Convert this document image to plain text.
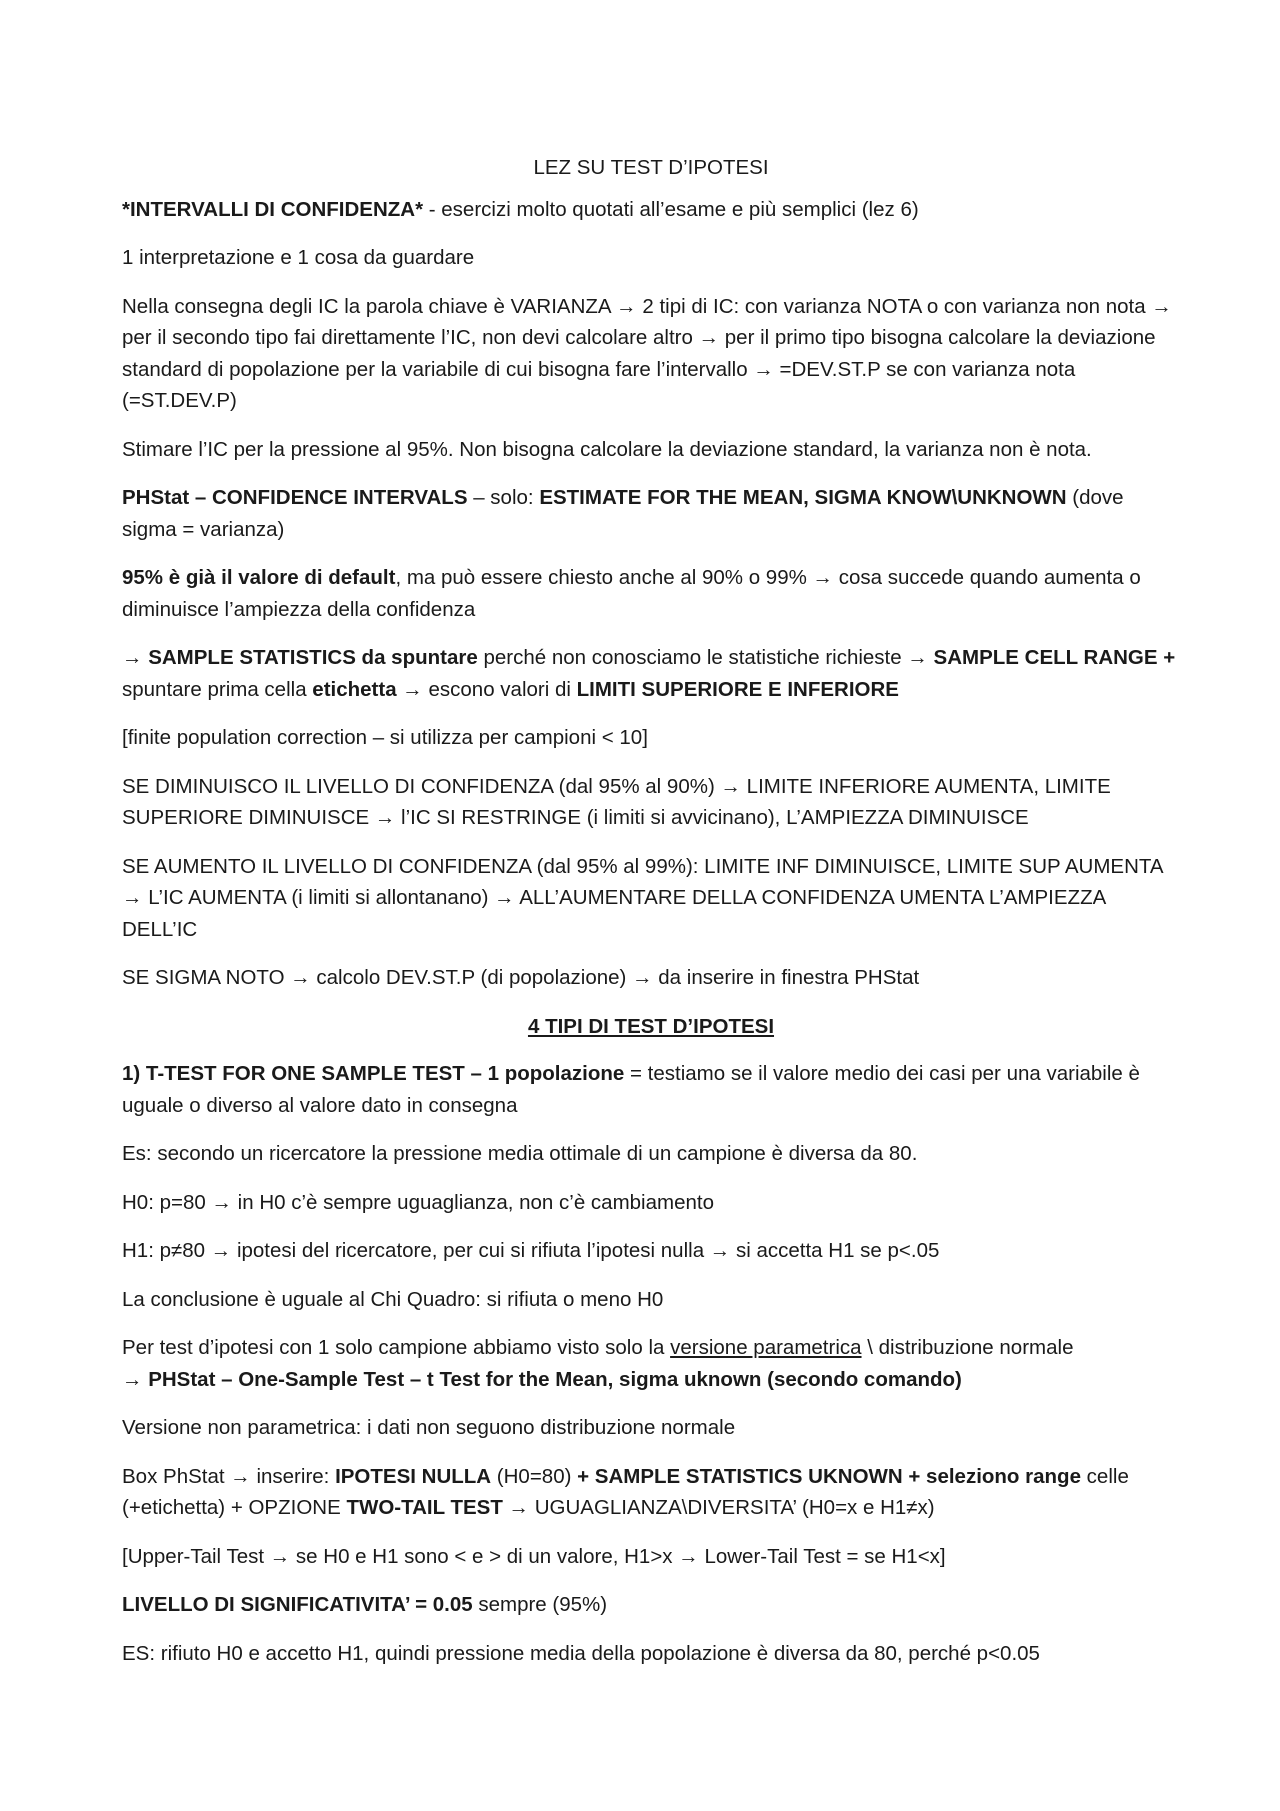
LEZ SU TEST D’IPOTESI

*INTERVALLI DI CONFIDENZA* - esercizi molto quotati all’esame e più semplici (lez 6)

1 interpretazione e 1 cosa da guardare

Nella consegna degli IC la parola chiave è VARIANZA → 2 tipi di IC: con varianza NOTA o con varianza non nota → per il secondo tipo fai direttamente l’IC, non devi calcolare altro → per il primo tipo bisogna calcolare la deviazione standard di popolazione per la variabile di cui bisogna fare l’intervallo → =DEV.ST.P se con varianza nota (=ST.DEV.P)

Stimare l’IC per la pressione al 95%. Non bisogna calcolare la deviazione standard, la varianza non è nota.

PHStat – CONFIDENCE INTERVALS – solo: ESTIMATE FOR THE MEAN, SIGMA KNOW\UNKNOWN (dove sigma = varianza)

95% è già il valore di default, ma può essere chiesto anche al 90% o 99% → cosa succede quando aumenta o diminuisce l’ampiezza della confidenza

→ SAMPLE STATISTICS da spuntare perché non conosciamo le statistiche richieste → SAMPLE CELL RANGE + spuntare prima cella etichetta → escono valori di LIMITI SUPERIORE E INFERIORE

[finite population correction – si utilizza per campioni < 10]

SE DIMINUISCO IL LIVELLO DI CONFIDENZA (dal 95% al 90%) → LIMITE INFERIORE AUMENTA, LIMITE SUPERIORE DIMINUISCE → l’IC SI RESTRINGE (i limiti si avvicinano), L’AMPIEZZA DIMINUISCE

SE AUMENTO IL LIVELLO DI CONFIDENZA (dal 95% al 99%): LIMITE INF DIMINUISCE, LIMITE SUP AUMENTA → L’IC AUMENTA (i limiti si allontanano) → ALL’AUMENTARE DELLA CONFIDENZA UMENTA L’AMPIEZZA DELL’IC

SE SIGMA NOTO → calcolo DEV.ST.P (di popolazione) → da inserire in finestra PHStat

4 TIPI DI TEST D’IPOTESI

1) T-TEST FOR ONE SAMPLE TEST – 1 popolazione = testiamo se il valore medio dei casi per una variabile è uguale o diverso al valore dato in consegna

Es: secondo un ricercatore la pressione media ottimale di un campione è diversa da 80.

H0: p=80 → in H0 c’è sempre uguaglianza, non c’è cambiamento

H1: p≠80 → ipotesi del ricercatore, per cui si rifiuta l’ipotesi nulla → si accetta H1 se p<.05

La conclusione è uguale al Chi Quadro: si rifiuta o meno H0

Per test d’ipotesi con 1 solo campione abbiamo visto solo la versione parametrica \ distribuzione normale
→ PHStat – One-Sample Test – t Test for the Mean, sigma uknown (secondo comando)

Versione non parametrica: i dati non seguono distribuzione normale

Box PhStat → inserire: IPOTESI NULLA (H0=80) + SAMPLE STATISTICS UKNOWN + seleziono range celle (+etichetta) + OPZIONE TWO-TAIL TEST → UGUAGLIANZA\DIVERSITA’ (H0=x e H1≠x)

[Upper-Tail Test → se H0 e H1 sono < e > di un valore, H1>x → Lower-Tail Test = se H1<x]

LIVELLO DI SIGNIFICATIVITA’ = 0.05 sempre (95%)

ES: rifiuto H0 e accetto H1, quindi pressione media della popolazione è diversa da 80, perché p<0.05
